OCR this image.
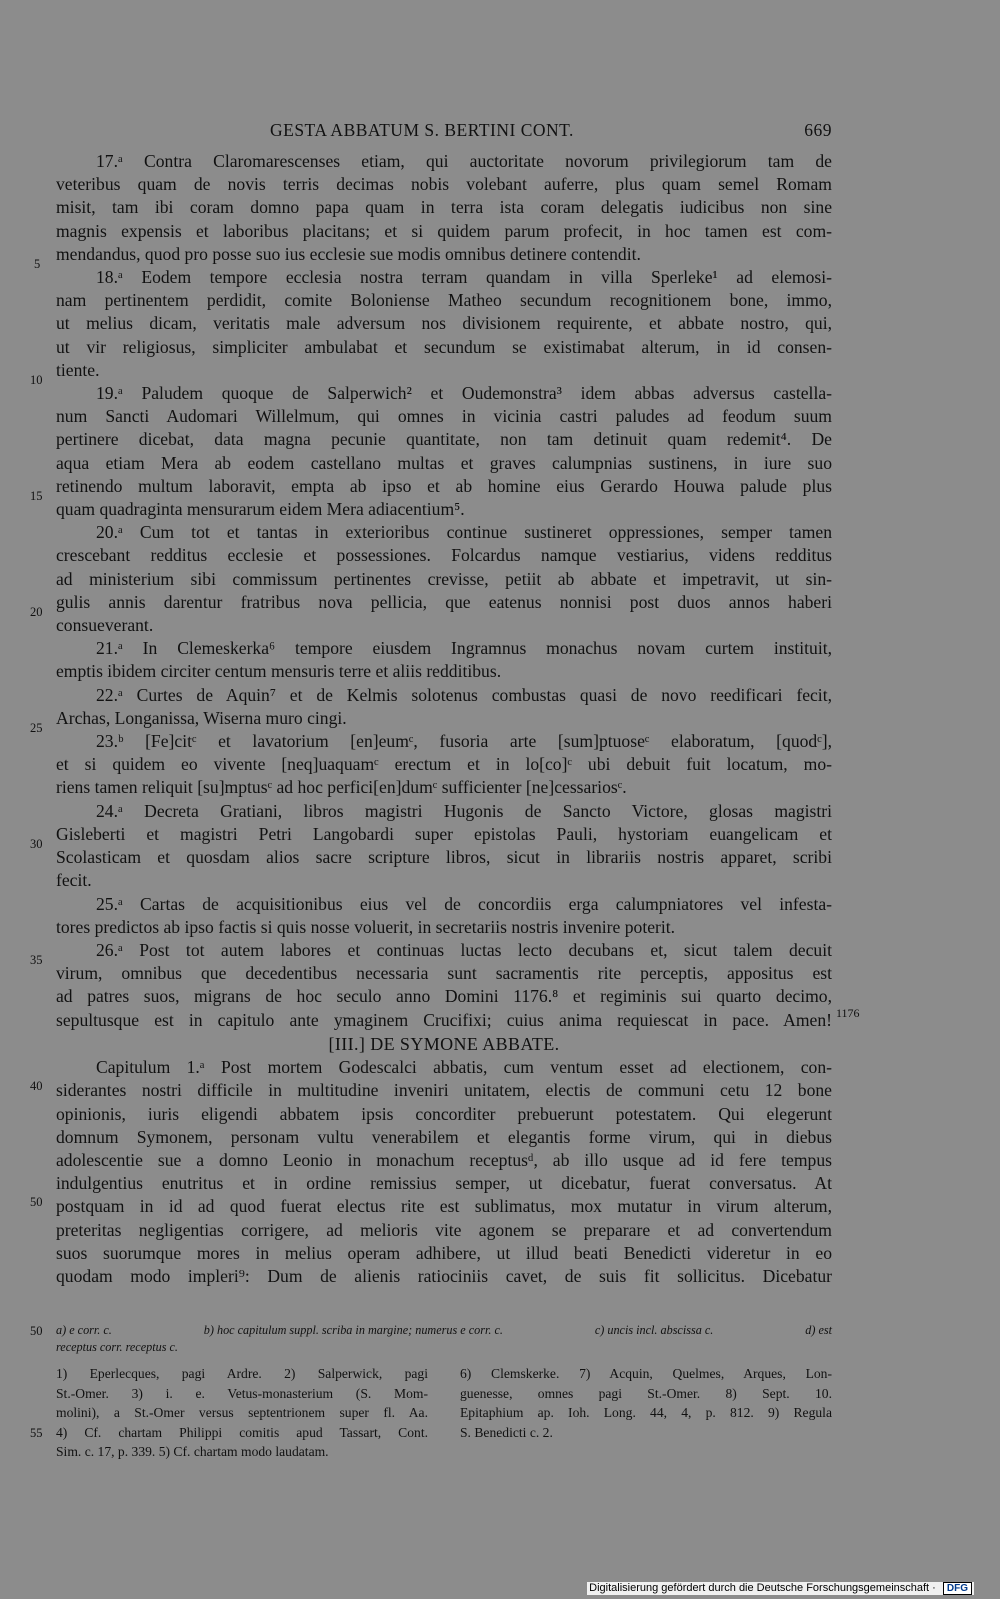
GESTA ABBATUM S. BERTINI CONT.	669
5
10
15
20
25
30
35
40
50
50
55
1176
17.ᵃ Contra Claromarescenses etiam, qui auctoritate novorum privilegiorum tam de
veteribus quam de novis terris decimas nobis volebant auferre, plus quam semel Romam
misit, tam ibi coram domno papa quam in terra ista coram delegatis iudicibus non sine
magnis expensis et laboribus placitans; et si quidem parum profecit, in hoc tamen est com-
mendandus, quod pro posse suo ius ecclesie sue modis omnibus detinere contendit.
18.ᵃ Eodem tempore ecclesia nostra terram quandam in villa Sperleke¹ ad elemosi-
nam pertinentem perdidit, comite Boloniense Matheo secundum recognitionem bone, immo,
ut melius dicam, veritatis male adversum nos divisionem requirente, et abbate nostro, qui,
ut vir religiosus, simpliciter ambulabat et secundum se existimabat alterum, in id consen-
tiente.
19.ᵃ Paludem quoque de Salperwich² et Oudemonstra³ idem abbas adversus castella-
num Sancti Audomari Willelmum, qui omnes in vicinia castri paludes ad feodum suum
pertinere dicebat, data magna pecunie quantitate, non tam detinuit quam redemit⁴. De
aqua etiam Mera ab eodem castellano multas et graves calumpnias sustinens, in iure suo
retinendo multum laboravit, empta ab ipso et ab homine eius Gerardo Houwa palude plus
quam quadraginta mensurarum eidem Mera adiacentium⁵.
20.ᵃ Cum tot et tantas in exterioribus continue sustineret oppressiones, semper tamen
crescebant redditus ecclesie et possessiones. Folcardus namque vestiarius, videns redditus
ad ministerium sibi commissum pertinentes crevisse, petiit ab abbate et impetravit, ut sin-
gulis annis darentur fratribus nova pellicia, que eatenus nonnisi post duos annos haberi
consueverant.
21.ᵃ In Clemeskerka⁶ tempore eiusdem Ingramnus monachus novam curtem instituit,
emptis ibidem circiter centum mensuris terre et aliis redditibus.
22.ᵃ Curtes de Aquin⁷ et de Kelmis solotenus combustas quasi de novo reedificari fecit,
Archas, Longanissa, Wiserna muro cingi.
23.ᵇ [Fe]citᶜ et lavatorium [en]eumᶜ, fusoria arte [sum]ptuoseᶜ elaboratum, [quodᶜ],
et si quidem eo vivente [neq]uaquamᶜ erectum et in lo[co]ᶜ ubi debuit fuit locatum, mo-
riens tamen reliquit [su]mptusᶜ ad hoc perfici[en]dumᶜ sufficienter [ne]cessariosᶜ.
24.ᵃ Decreta Gratiani, libros magistri Hugonis de Sancto Victore, glosas magistri
Gisleberti et magistri Petri Langobardi super epistolas Pauli, hystoriam euangelicam et
Scolasticam et quosdam alios sacre scripture libros, sicut in librariis nostris apparet, scribi
fecit.
25.ᵃ Cartas de acquisitionibus eius vel de concordiis erga calumpniatores vel infesta-
tores predictos ab ipso factis si quis nosse voluerit, in secretariis nostris invenire poterit.
26.ᵃ Post tot autem labores et continuas luctas lecto decubans et, sicut talem decuit
virum, omnibus que decedentibus necessaria sunt sacramentis rite perceptis, appositus est
ad patres suos, migrans de hoc seculo anno Domini 1176.⁸ et regiminis sui quarto decimo,
sepultusque est in capitulo ante ymaginem Crucifixi; cuius anima requiescat in pace. Amen!
[III.] DE SYMONE ABBATE.
Capitulum 1.ᵃ Post mortem Godescalci abbatis, cum ventum esset ad electionem, con-
siderantes nostri difficile in multitudine inveniri unitatem, electis de communi cetu 12 bone
opinionis, iuris eligendi abbatem ipsis concorditer prebuerunt potestatem. Qui elegerunt
domnum Symonem, personam vultu venerabilem et elegantis forme virum, qui in diebus
adolescentie sue a domno Leonio in monachum receptusᵈ, ab illo usque ad id fere tempus
indulgentius enutritus et in ordine remissius semper, ut dicebatur, fuerat conversatus. At
postquam in id ad quod fuerat electus rite est sublimatus, mox mutatur in virum alterum,
preteritas negligentias corrigere, ad melioris vite agonem se preparare et ad convertendum
suos suorumque mores in melius operam adhibere, ut illud beati Benedicti videretur in eo
quodam modo impleri⁹: Dum de alienis ratiociniis cavet, de suis fit sollicitus. Dicebatur
a) e corr. c.	b) hoc capitulum suppl. scriba in margine; numerus e corr. c.	c) uncis incl. abscissa c.	d) est
receptus corr. receptus c.
1) Eperlecques, pagi Ardre. 2) Salperwick, pagi
St.-Omer. 3) i. e. Vetus-monasterium (S. Mom-
molini), a St.-Omer versus septentrionem super fl. Aa.
4) Cf. chartam Philippi comitis apud Tassart, Cont.
Sim. c. 17, p. 339. 5) Cf. chartam modo laudatam.
6) Clemskerke. 7) Acquin, Quelmes, Arques, Lon-
guenesse, omnes pagi St.-Omer. 8) Sept. 10.
Epitaphium ap. Ioh. Long. 44, 4, p. 812. 9) Regula
S. Benedicti c. 2.
Digitalisierung gefördert durch die Deutsche Forschungsgemeinschaft · DFG
